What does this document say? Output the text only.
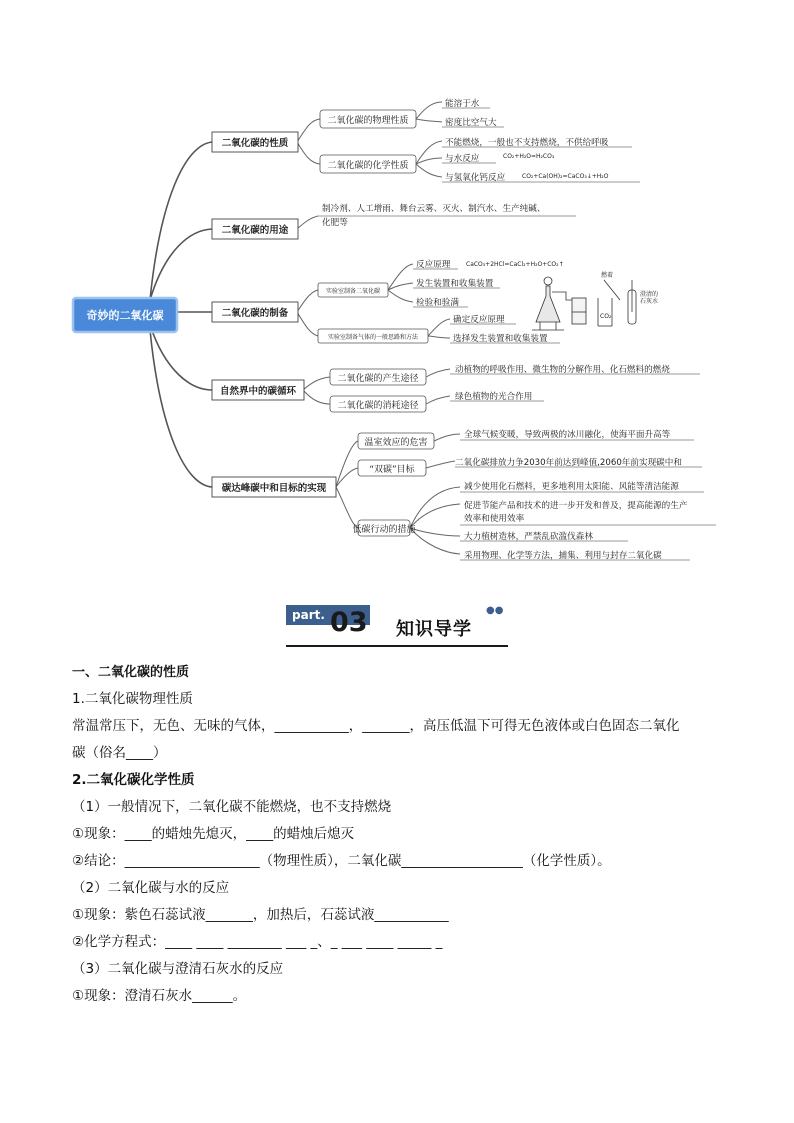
奇妙的二氧化碳
二氧化碳的性质
二氧化碳的用途
二氧化碳的制备
自然界中的碳循环
碳达峰碳中和目标的实现
二氧化碳的物理性质
二氧化碳的化学性质
能溶于水
密度比空气大
不能燃烧，一般也不支持燃烧，不供给呼吸
与水反应	CO₂+H₂O=H₂CO₃
与氢氧化钙反应	CO₂+Ca(OH)₂=CaCO₃↓+H₂O
制冷剂、人工增雨、舞台云雾、灭火、制汽水、生产纯碱、
化肥等
实验室制备二氧化碳
实验室制备气体的一般思路和方法
反应原理	CaCO₃+2HCl=CaCl₂+H₂O+CO₂↑
发生装置和收集装置
检验和验满
确定反应原理
选择发生装置和收集装置
燃着
CO₂
澄清的
石灰水
二氧化碳的产生途径
二氧化碳的消耗途径
动植物的呼吸作用、微生物的分解作用、化石燃料的燃烧
绿色植物的光合作用
温室效应的危害
“双碳”目标
低碳行动的措施
全球气候变暖，导致两极的冰川融化，使海平面升高等
二氧化碳排放力争2030年前达到峰值,2060年前实现碳中和
减少使用化石燃料，更多地利用太阳能、风能等清洁能源
促进节能产品和技术的进一步开发和普及，提高能源的生产
效率和使用效率
大力植树造林，严禁乱砍滥伐森林
采用物理、化学等方法，捕集、利用与封存二氧化碳
part. 03 知识导学
●●

一、二氧化碳的性质

1.二氧化碳物理性质

常温常压下，无色、无味的气体，___________，_______，高压低温下可得无色液体或白色固态二氧化

碳（俗名____）

2.二氧化碳化学性质

（1）一般情况下，二氧化碳不能燃烧，也不支持燃烧

①现象：____的蜡烛先熄灭，____的蜡烛后熄灭

②结论：____________________（物理性质），二氧化碳__________________（化学性质）。

（2）二氧化碳与水的反应

①现象：紫色石蕊试液_______，加热后，石蕊试液___________

②化学方程式：____ ____ ________ ___ _、_ ___ ____ _____ _

（3）二氧化碳与澄清石灰水的反应

①现象：澄清石灰水______。
